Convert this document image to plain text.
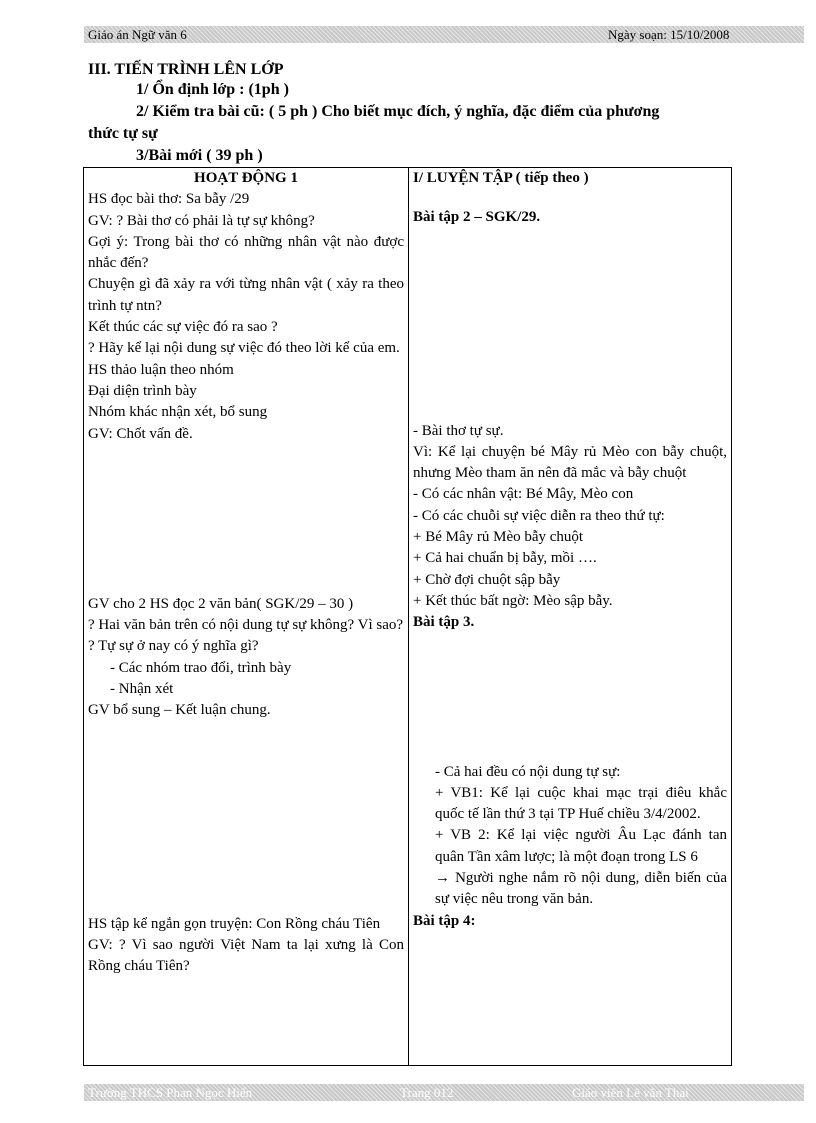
Giáo án Ngữ văn 6	Ngày soạn: 15/10/2008
III. TIẾN TRÌNH LÊN LỚP
1/ Ổn định lớp : (1ph )
2/ Kiểm tra bài cũ: ( 5 ph ) Cho biết mục đích, ý nghĩa, đặc điểm của phương
thức tự sự
3/Bài mới ( 39 ph )
HOẠT ĐỘNG 1
HS đọc bài thơ: Sa bẫy /29
GV: ? Bài thơ có phải là tự sự không?
Gợi ý: Trong bài thơ có những nhân vật nào được nhắc đến?
Chuyện gì đã xảy ra với từng nhân vật ( xảy ra theo trình tự ntn?
Kết thúc các sự việc đó ra sao ?
? Hãy kể lại nội dung sự việc đó theo lời kể của em.
HS thảo luận theo nhóm
Đại diện trình bày
Nhóm khác nhận xét, bổ sung
GV: Chốt vấn đề.
GV cho 2 HS đọc 2 văn bản( SGK/29 – 30 )
? Hai văn bản trên có nội dung tự sự không? Vì sao?
? Tự sự ở nay có ý nghĩa gì?
- Các nhóm trao đổi, trình bày
- Nhận xét
GV bổ sung – Kết luận chung.
HS tập kể ngắn gọn truyện: Con Rồng cháu Tiên
GV: ? Vì sao người Việt Nam ta lại xưng là Con Rồng cháu Tiên?

I/ LUYỆN TẬP ( tiếp theo )
Bài tập 2 – SGK/29.
- Bài thơ tự sự.
Vì: Kể lại chuyện bé Mây rủ Mèo con bẫy chuột, nhưng Mèo tham ăn nên đã mắc và bẫy chuột
- Có các nhân vật: Bé Mây, Mèo con
- Có các chuỗi sự việc diễn ra theo thứ tự:
+ Bé Mây rủ Mèo bẫy chuột
+ Cả hai chuẩn bị bẫy, mồi ….
+ Chờ đợi chuột sập bẫy
+ Kết thúc bất ngờ: Mèo sập bẫy.
Bài tập 3.
- Cả hai đều có nội dung tự sự:
+ VB1: Kể lại cuộc khai mạc trại điêu khắc quốc tế lần thứ 3 tại TP Huế chiều 3/4/2002.
+ VB 2: Kể lại việc người Âu Lạc đánh tan quân Tần xâm lược; là một đoạn trong LS 6
→ Người nghe nắm rõ nội dung, diễn biến của sự việc nêu trong văn bản.
Bài tập 4:
Trường THCS Phan Ngọc Hiển	Trang 012	Giáo viên Lê văn Thai
